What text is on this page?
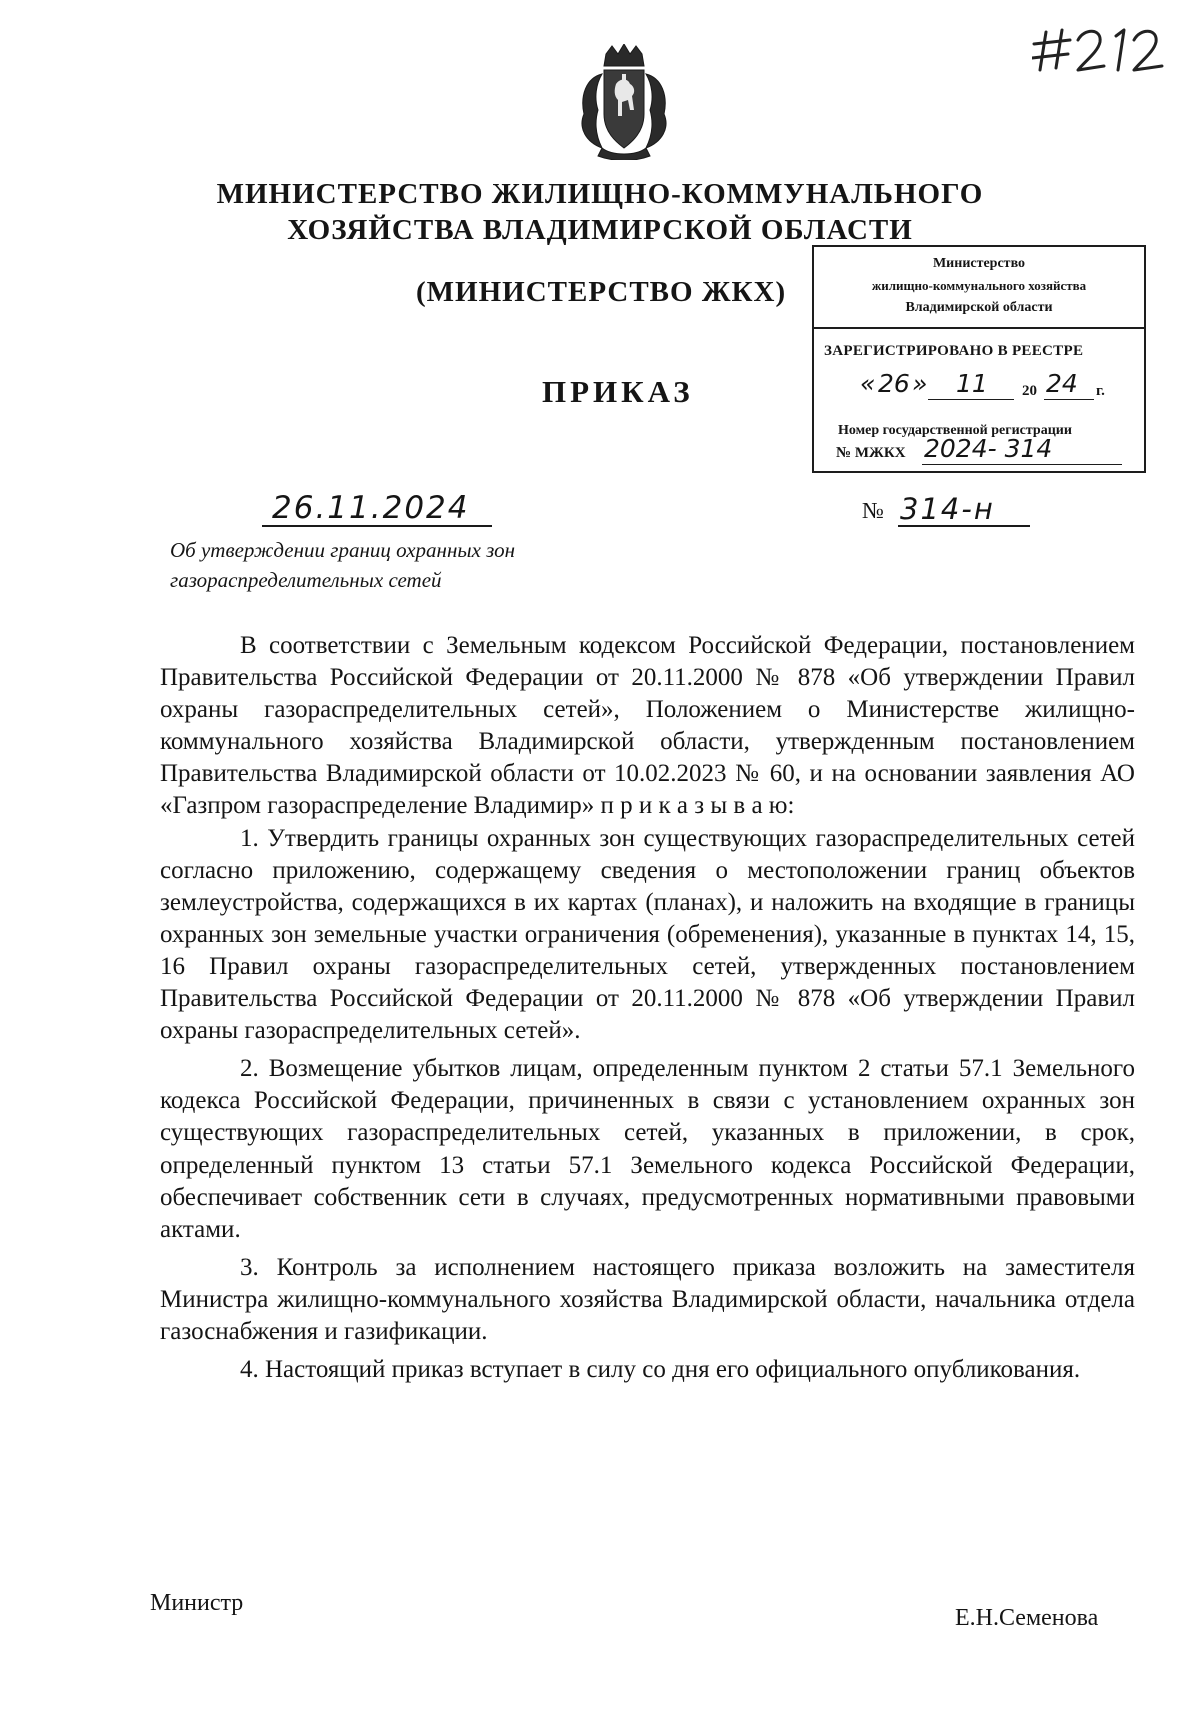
МИНИСТЕРСТВО ЖИЛИЩНО-КОММУНАЛЬНОГО
ХОЗЯЙСТВА ВЛАДИМИРСКОЙ ОБЛАСТИ
(МИНИСТЕРСТВО ЖКХ)
ПРИКАЗ
Министерство
жилищно-коммунального хозяйства
Владимирской области
ЗАРЕГИСТРИРОВАНО В РЕЕСТРЕ
« 26 » 11 20 24 г.
Номер государственной регистрации
№ МЖКХ 2024- 314
26.11.2024	№ 314-н
Об утверждении границ охранных зон
газораспределительных сетей

В соответствии с Земельным кодексом Российской Федерации, постановлением Правительства Российской Федерации от 20.11.2000 № 878 «Об утверждении Правил охраны газораспределительных сетей», Положением о Министерстве жилищно-коммунального хозяйства Владимирской области, утвержденным постановлением Правительства Владимирской области от 10.02.2023 № 60, и на основании заявления АО «Газпром газораспределение Владимир» п р и к а з ы в а ю:

1. Утвердить границы охранных зон существующих газораспределительных сетей согласно приложению, содержащему сведения о местоположении границ объектов землеустройства, содержащихся в их картах (планах), и наложить на входящие в границы охранных зон земельные участки ограничения (обременения), указанные в пунктах 14, 15, 16 Правил охраны газораспределительных сетей, утвержденных постановлением Правительства Российской Федерации от 20.11.2000 № 878 «Об утверждении Правил охраны газораспределительных сетей».

2. Возмещение убытков лицам, определенным пунктом 2 статьи 57.1 Земельного кодекса Российской Федерации, причиненных в связи с установлением охранных зон существующих газораспределительных сетей, указанных в приложении, в срок, определенный пунктом 13 статьи 57.1 Земельного кодекса Российской Федерации, обеспечивает собственник сети в случаях, предусмотренных нормативными правовыми актами.

3. Контроль за исполнением настоящего приказа возложить на заместителя Министра жилищно-коммунального хозяйства Владимирской области, начальника отдела газоснабжения и газификации.

4. Настоящий приказ вступает в силу со дня его официального опубликования.

Министр
Е.Н.Семенова
